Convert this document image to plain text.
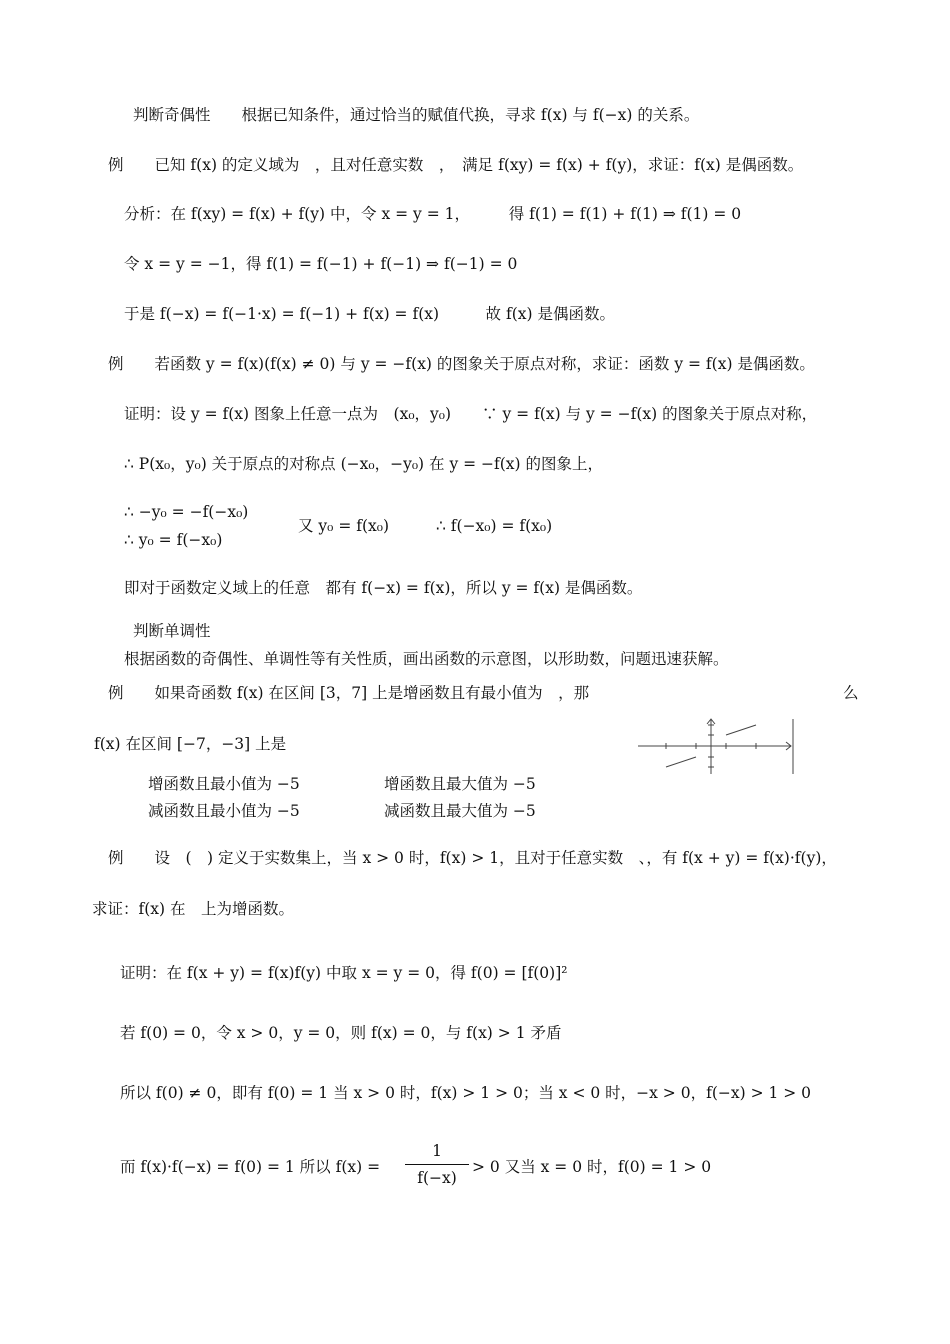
判断奇偶性　　根据已知条件，通过恰当的赋值代换，寻求 f(x) 与 f(−x) 的关系。

例　　已知 f(x) 的定义域为　，且对任意实数　，　满足 f(xy) = f(x) + f(y)，求证：f(x) 是偶函数。

分析：在 f(xy) = f(x) + f(y) 中，令 x = y = 1，　　　得 f(1) = f(1) + f(1) ⇒ f(1) = 0

令 x = y = −1，得 f(1) = f(−1) + f(−1) ⇒ f(−1) = 0

于是 f(−x) = f(−1·x) = f(−1) + f(x) = f(x)　　　故 f(x) 是偶函数。

例　　若函数 y = f(x)(f(x) ≠ 0) 与 y = −f(x) 的图象关于原点对称，求证：函数 y = f(x) 是偶函数。

证明：设 y = f(x) 图象上任意一点为　(x₀，y₀)　　∵ y = f(x) 与 y = −f(x) 的图象关于原点对称，

∴ P(x₀，y₀) 关于原点的对称点 (−x₀，−y₀) 在 y = −f(x) 的图象上，

∴ −y₀ = −f(−x₀)
∴ y₀ = f(−x₀)

又 y₀ = f(x₀)	∴ f(−x₀) = f(x₀)

即对于函数定义域上的任意　都有 f(−x) = f(x)，所以 y = f(x) 是偶函数。

判断单调性

根据函数的奇偶性、单调性等有关性质，画出函数的示意图，以形助数，问题迅速获解。

例　　如果奇函数 f(x) 在区间 [3，7] 上是增函数且有最小值为　，那	么

f(x) 在区间 [−7，−3] 上是

增函数且最小值为 −5	增函数且最大值为 −5

减函数且最小值为 −5	减函数且最大值为 −5

例　　设　(　) 定义于实数集上，当 x > 0 时，f(x) > 1，且对于任意实数　、，有 f(x + y) = f(x)·f(y)，

求证：f(x) 在　上为增函数。

证明：在 f(x + y) = f(x)f(y) 中取 x = y = 0，得 f(0) = [f(0)]²

若 f(0) = 0，令 x > 0，y = 0，则 f(x) = 0，与 f(x) > 1 矛盾

所以 f(0) ≠ 0，即有 f(0) = 1 当 x > 0 时，f(x) > 1 > 0；当 x < 0 时，−x > 0，f(−x) > 1 > 0

而 f(x)·f(−x) = f(0) = 1 所以 $f(x) = \frac{1}{f(-x)} > 0$ 又当 x = 0 时，f(0) = 1 > 0
